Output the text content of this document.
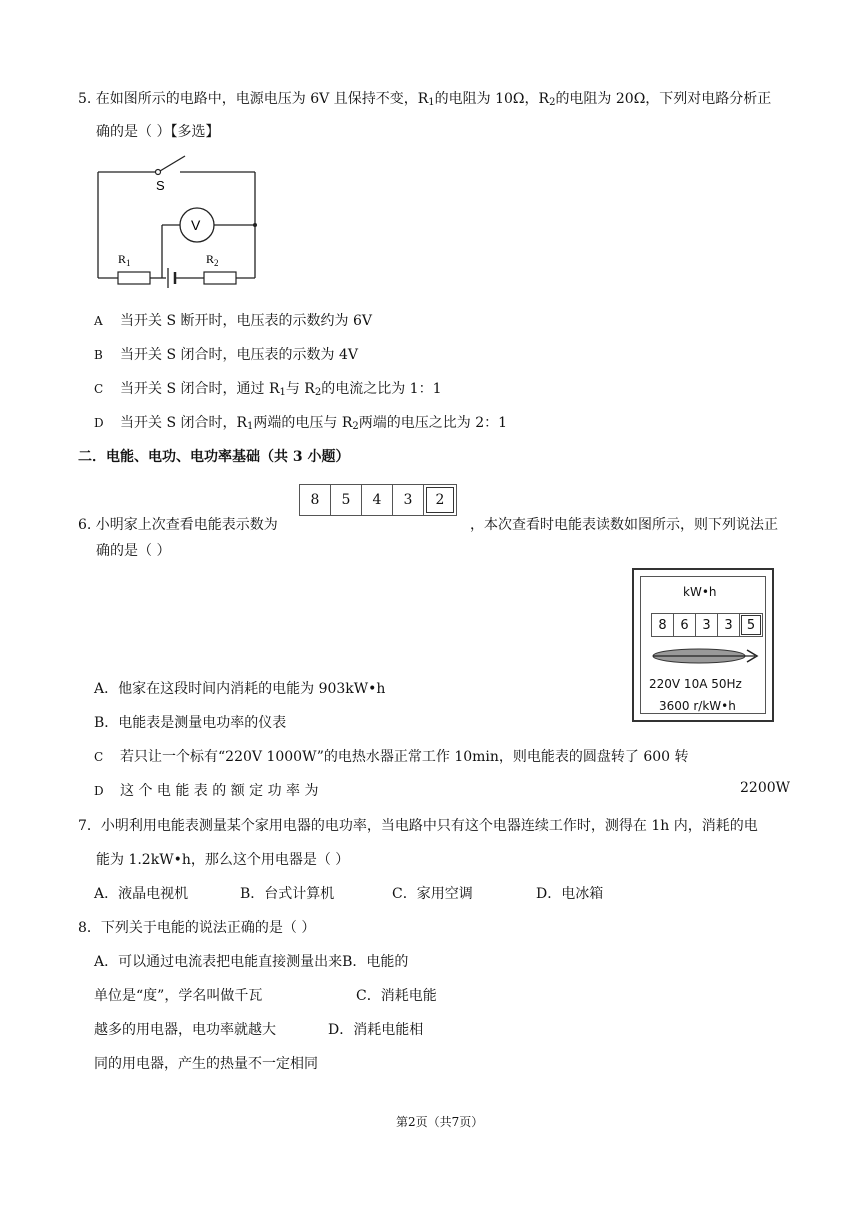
5. 在如图所示的电路中，电源电压为 6V 且保持不变，$R_1$的电阻为 10Ω，$R_2$的电阻为 20Ω，下列对电路分析正
确的是（ ）【多选】
S
V
$R_1$	$R_2$
A 当开关 S 断开时，电压表的示数约为 6V
B 当开关 S 闭合时，电压表的示数为 4V
C 当开关 S 闭合时，通过 $R_1$与 $R_2$的电流之比为 1：1
D 当开关 S 闭合时，$R_1$两端的电压与 $R_2$两端的电压之比为 2：1
二．电能、电功、电功率基础（共 3 小题）
6. 小明家上次查看电能表示数为
8	5	4	3	2
，本次查看时电能表读数如图所示，则下列说法正
确的是（ ）
kW•h
8	6	3	3	5
220V 10A 50Hz
3600 r/kW•h
A．他家在这段时间内消耗的电能为 903kW•h
B．电能表是测量电功率的仪表
C 若只让一个标有“220V 1000W”的电热水器正常工作 10min，则电能表的圆盘转了 600 转
D 这 个 电 能 表 的 额 定 功 率 为	2200W
7．小明利用电能表测量某个家用电器的电功率，当电路中只有这个电器连续工作时，测得在 1h 内，消耗的电
能为 1.2kW•h，那么这个用电器是（ ）
A．液晶电视机	B．台式计算机	C．家用空调	D．电冰箱
8．下列关于电能的说法正确的是（ ）
A．可以通过电流表把电能直接测量出来B．电能的
单位是“度”，学名叫做千瓦	C．消耗电能
越多的用电器，电功率就越大	D．消耗电能相
同的用电器，产生的热量不一定相同
第2页（共7页）
